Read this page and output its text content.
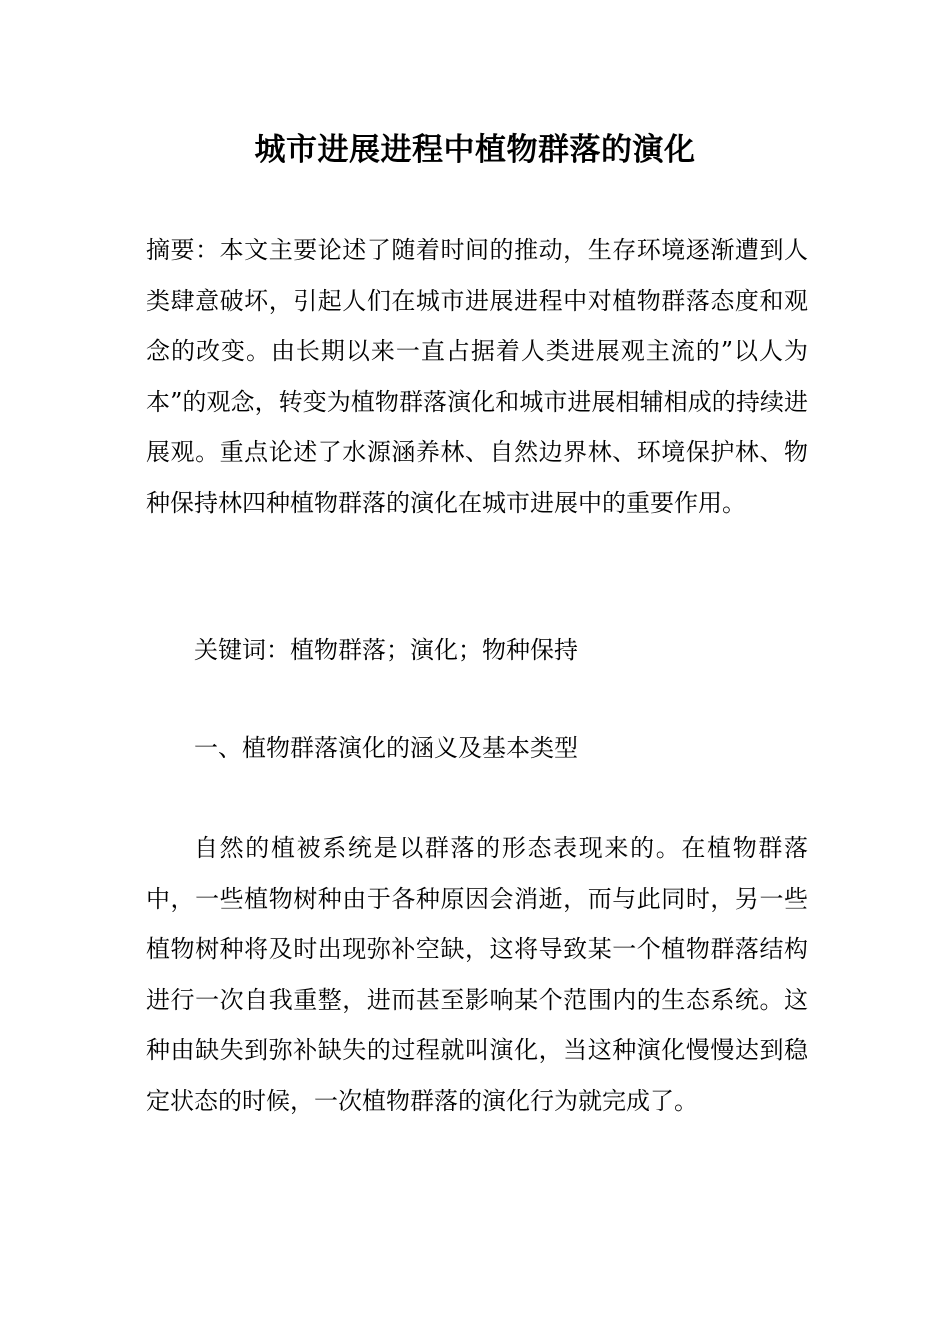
城市进展进程中植物群落的演化

摘要：本文主要论述了随着时间的推动，生存环境逐渐遭到人类肆意破坏，引起人们在城市进展进程中对植物群落态度和观念的改变。由长期以来一直占据着人类进展观主流的”以人为本”的观念，转变为植物群落演化和城市进展相辅相成的持续进展观。重点论述了水源涵养林、自然边界林、环境保护林、物种保持林四种植物群落的演化在城市进展中的重要作用。

关键词：植物群落；演化；物种保持

一、植物群落演化的涵义及基本类型

自然的植被系统是以群落的形态表现来的。在植物群落中，一些植物树种由于各种原因会消逝，而与此同时，另一些植物树种将及时出现弥补空缺，这将导致某一个植物群落结构进行一次自我重整，进而甚至影响某个范围内的生态系统。这种由缺失到弥补缺失的过程就叫演化，当这种演化慢慢达到稳定状态的时候，一次植物群落的演化行为就完成了。
